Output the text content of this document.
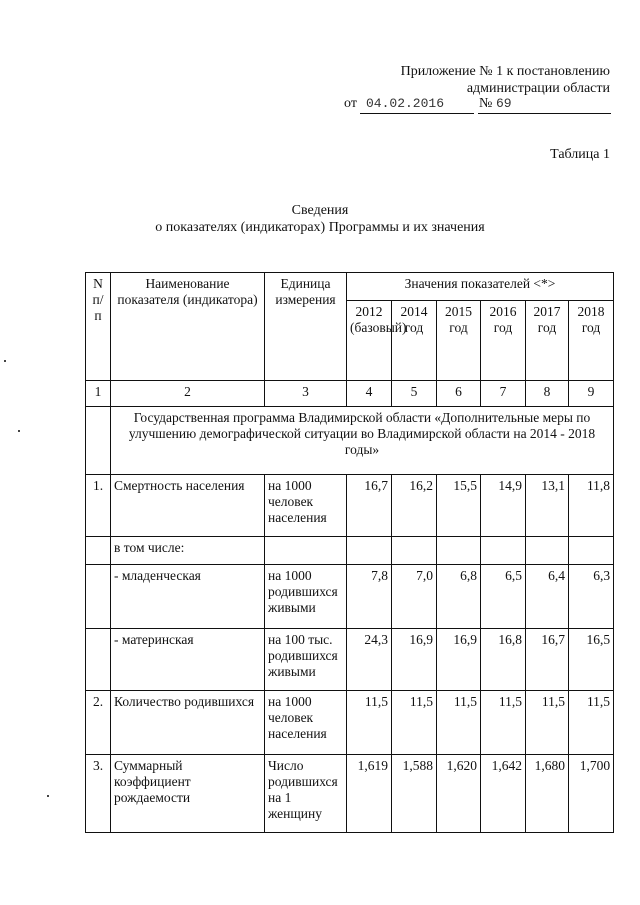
Приложение № 1 к постановлению
администрации области
от 04.02.2016 № 69
Таблица 1
Сведения
о показателях (индикаторах) Программы и их значения
N п/п	Наименование показателя (индикатора)	Единица измерения	Значения показателей <*>					
			2012 (базовый)	2014 год	2015 год	2016 год	2017 год	2018 год
1	2	3	4	5	6	7	8	9
	Государственная программа Владимирской области «Дополнительные меры по улучшению демографической ситуации во Владимирской области на 2014 - 2018 годы»							
1.	Смертность населения	на 1000 человек населения	16,7	16,2	15,5	14,9	13,1	11,8
	в том числе:							
	- младенческая	на 1000 родившихся живыми	7,8	7,0	6,8	6,5	6,4	6,3
	- материнская	на 100 тыс. родившихся живыми	24,3	16,9	16,9	16,8	16,7	16,5
2.	Количество родившихся	на 1000 человек населения	11,5	11,5	11,5	11,5	11,5	11,5
3.	Суммарный коэффициент рождаемости	Число родившихся на 1 женщину	1,619	1,588	1,620	1,642	1,680	1,700
